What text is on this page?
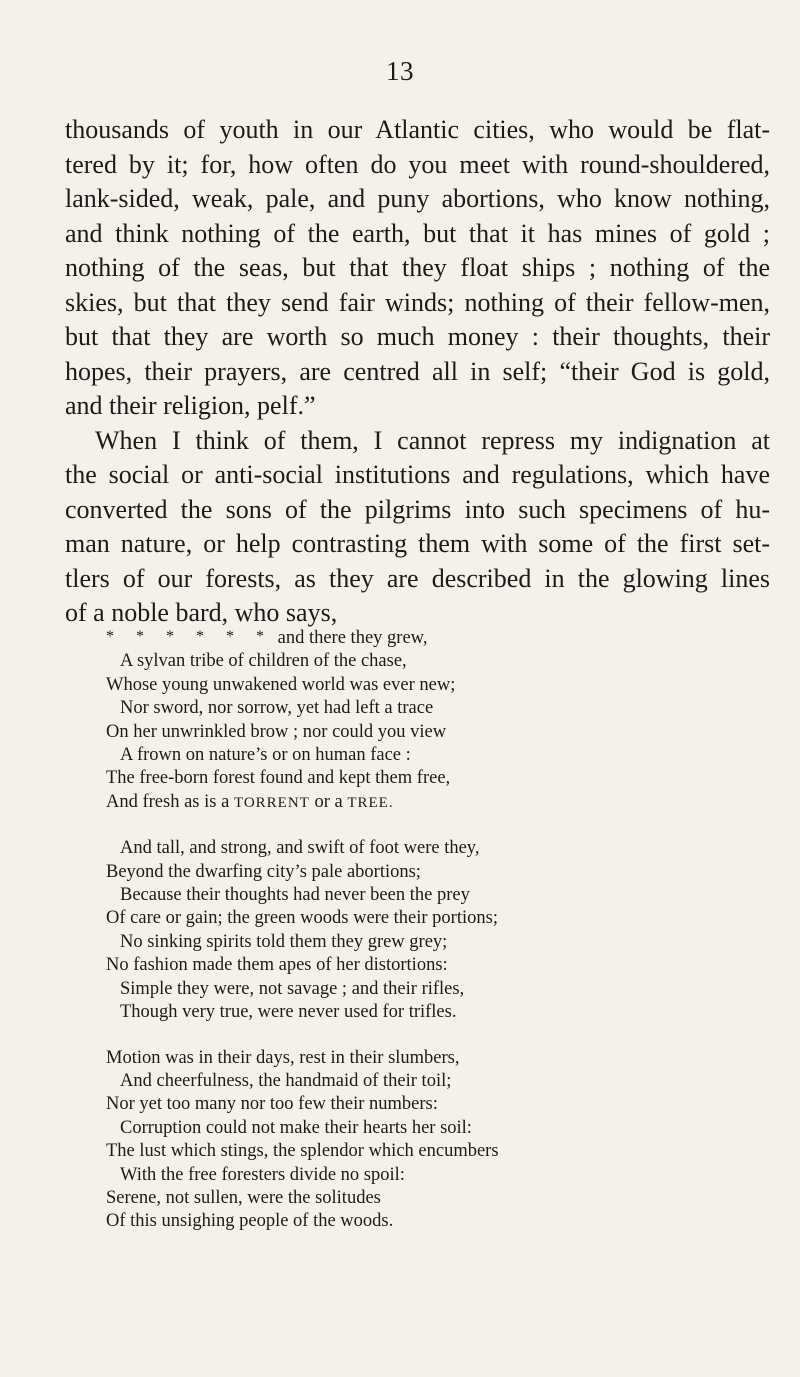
13

thousands of youth in our Atlantic cities, who would be flat-
tered by it; for, how often do you meet with round-shouldered,
lank-sided, weak, pale, and puny abortions, who know nothing,
and think nothing of the earth, but that it has mines of gold ;
nothing of the seas, but that they float ships ; nothing of the
skies, but that they send fair winds; nothing of their fellow-men,
but that they are worth so much money : their thoughts, their
hopes, their prayers, are centred all in self; “their God is gold,
and their religion, pelf.”

When I think of them, I cannot repress my indignation at
the social or anti-social institutions and regulations, which have
converted the sons of the pilgrims into such specimens of hu-
man nature, or help contrasting them with some of the first set-
tlers of our forests, as they are described in the glowing lines
of a noble bard, who says,

* * * * * * and there they grew,
A sylvan tribe of children of the chase,
Whose young unwakened world was ever new;
Nor sword, nor sorrow, yet had left a trace
On her unwrinkled brow ; nor could you view
A frown on nature’s or on human face :
The free-born forest found and kept them free,
And fresh as is a TORRENT or a TREE.
And tall, and strong, and swift of foot were they,
Beyond the dwarfing city’s pale abortions;
Because their thoughts had never been the prey
Of care or gain; the green woods were their portions;
No sinking spirits told them they grew grey;
No fashion made them apes of her distortions:
Simple they were, not savage ; and their rifles,
Though very true, were never used for trifles.
Motion was in their days, rest in their slumbers,
And cheerfulness, the handmaid of their toil;
Nor yet too many nor too few their numbers:
Corruption could not make their hearts her soil:
The lust which stings, the splendor which encumbers
With the free foresters divide no spoil:
Serene, not sullen, were the solitudes
Of this unsighing people of the woods.
